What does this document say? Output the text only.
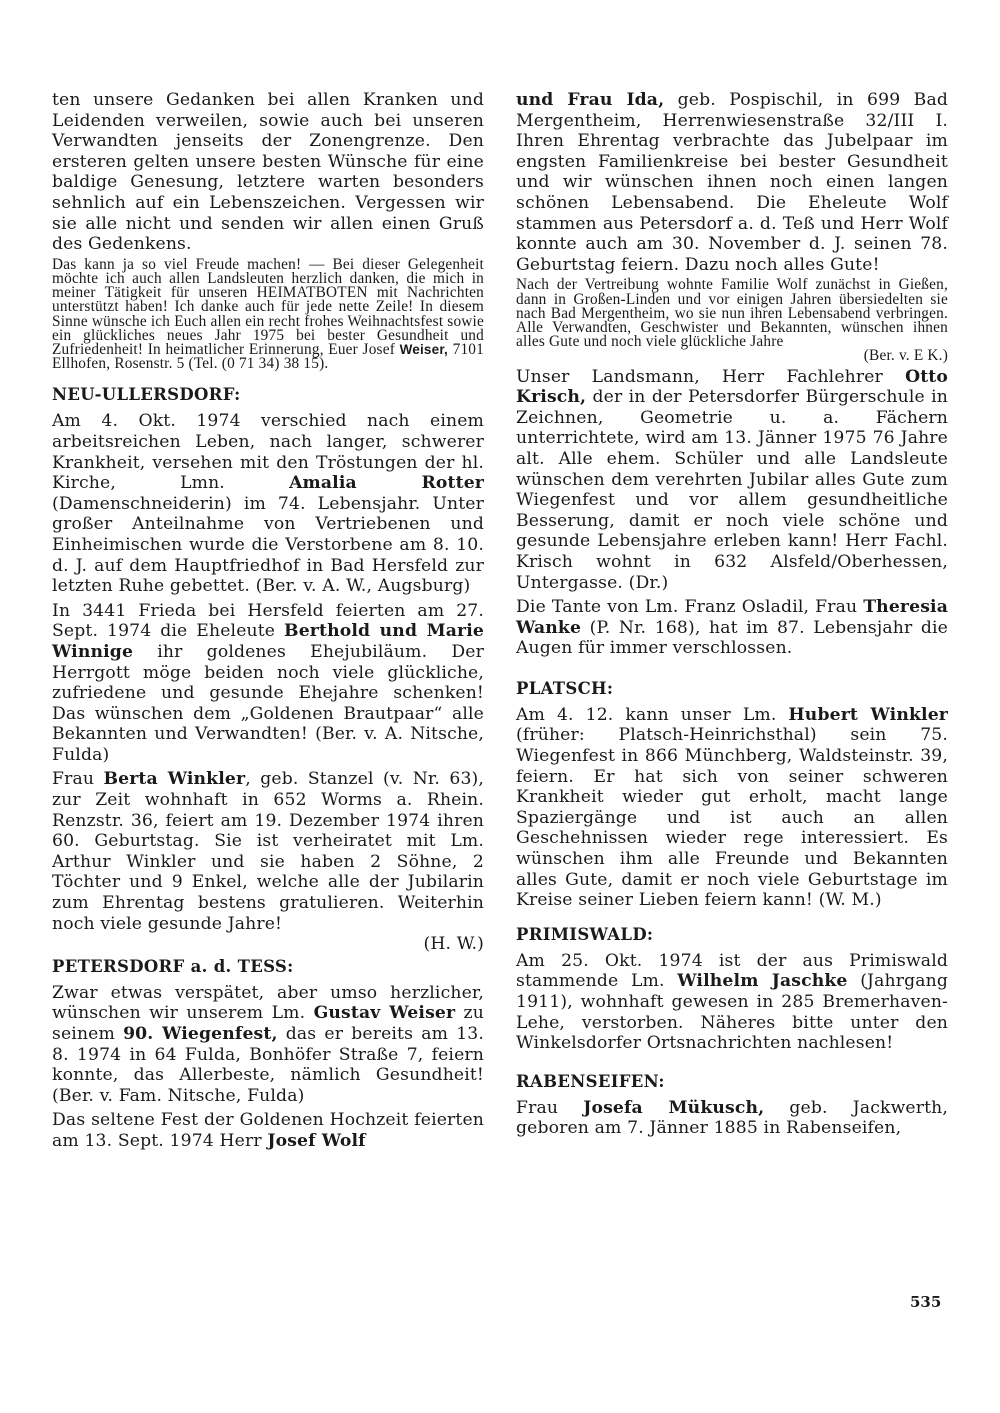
ten unsere Gedanken bei allen Kranken und Leidenden verweilen, sowie auch bei unseren Verwandten jenseits der Zonengrenze. Den ersteren gelten unsere besten Wünsche für eine baldige Genesung, letztere warten besonders sehnlich auf ein Lebenszeichen. Vergessen wir sie alle nicht und senden wir allen einen Gruß des Gedenkens.

Das kann ja so viel Freude machen! — Bei dieser Gelegenheit möchte ich auch allen Landsleuten herzlich danken, die mich in meiner Tätigkeit für unseren HEIMATBOTEN mit Nachrichten unterstützt haben! Ich danke auch für jede nette Zeile! In diesem Sinne wünsche ich Euch allen ein recht frohes Weihnachtsfest sowie ein glückliches neues Jahr 1975 bei bester Gesundheit und Zufriedenheit! In heimatlicher Erinnerung, Euer Josef Weiser, 7101 Ellhofen, Rosenstr. 5 (Tel. (0 71 34) 38 15).

NEU-ULLERSDORF:

Am 4. Okt. 1974 verschied nach einem arbeitsreichen Leben, nach langer, schwerer Krankheit, versehen mit den Tröstungen der hl. Kirche, Lmn. Amalia Rotter (Damenschneiderin) im 74. Lebensjahr. Unter großer Anteilnahme von Vertriebenen und Einheimischen wurde die Verstorbene am 8. 10. d. J. auf dem Hauptfriedhof in Bad Hersfeld zur letzten Ruhe gebettet. (Ber. v. A. W., Augsburg)

In 3441 Frieda bei Hersfeld feierten am 27. Sept. 1974 die Eheleute Berthold und Marie Winnige ihr goldenes Ehejubiläum. Der Herrgott möge beiden noch viele glückliche, zufriedene und gesunde Ehejahre schenken! Das wünschen dem „Goldenen Brautpaar“ alle Bekannten und Verwandten! (Ber. v. A. Nitsche, Fulda)

Frau Berta Winkler, geb. Stanzel (v. Nr. 63), zur Zeit wohnhaft in 652 Worms a. Rhein. Renzstr. 36, feiert am 19. Dezember 1974 ihren 60. Geburtstag. Sie ist verheiratet mit Lm. Arthur Winkler und sie haben 2 Söhne, 2 Töchter und 9 Enkel, welche alle der Jubilarin zum Ehrentag bestens gratulieren. Weiterhin noch viele gesunde Jahre!

(H. W.)
PETERSDORF a. d. TESS:

Zwar etwas verspätet, aber umso herzlicher, wünschen wir unserem Lm. Gustav Weiser zu seinem 90. Wiegenfest, das er bereits am 13. 8. 1974 in 64 Fulda, Bonhöfer Straße 7, feiern konnte, das Allerbeste, nämlich Gesundheit! (Ber. v. Fam. Nitsche, Fulda)

Das seltene Fest der Goldenen Hochzeit feierten am 13. Sept. 1974 Herr Josef Wolf

und Frau Ida, geb. Pospischil, in 699 Bad Mergentheim, Herrenwiesenstraße 32/III I. Ihren Ehrentag verbrachte das Jubelpaar im engsten Familienkreise bei bester Gesundheit und wir wünschen ihnen noch einen langen schönen Lebensabend. Die Eheleute Wolf stammen aus Petersdorf a. d. Teß und Herr Wolf konnte auch am 30. November d. J. seinen 78. Geburtstag feiern. Dazu noch alles Gute!

Nach der Vertreibung wohnte Familie Wolf zunächst in Gießen, dann in Großen-Linden und vor einigen Jahren übersiedelten sie nach Bad Mergentheim, wo sie nun ihren Lebensabend verbringen. Alle Verwandten, Geschwister und Bekannten, wünschen ihnen alles Gute und noch viele glückliche Jahre

(Ber. v. E K.)

Unser Landsmann, Herr Fachlehrer Otto Krisch, der in der Petersdorfer Bürgerschule in Zeichnen, Geometrie u. a. Fächern unterrichtete, wird am 13. Jänner 1975 76 Jahre alt. Alle ehem. Schüler und alle Landsleute wünschen dem verehrten Jubilar alles Gute zum Wiegenfest und vor allem gesundheitliche Besserung, damit er noch viele schöne und gesunde Lebensjahre erleben kann! Herr Fachl. Krisch wohnt in 632 Alsfeld/Oberhessen, Untergasse. (Dr.)

Die Tante von Lm. Franz Osladil, Frau Theresia Wanke (P. Nr. 168), hat im 87. Lebensjahr die Augen für immer verschlossen.

PLATSCH:

Am 4. 12. kann unser Lm. Hubert Winkler (früher: Platsch-Heinrichsthal) sein 75. Wiegenfest in 866 Münchberg, Waldsteinstr. 39, feiern. Er hat sich von seiner schweren Krankheit wieder gut erholt, macht lange Spaziergänge und ist auch an allen Geschehnissen wieder rege interessiert. Es wünschen ihm alle Freunde und Bekannten alles Gute, damit er noch viele Geburtstage im Kreise seiner Lieben feiern kann! (W. M.)

PRIMISWALD:

Am 25. Okt. 1974 ist der aus Primiswald stammende Lm. Wilhelm Jaschke (Jahrgang 1911), wohnhaft gewesen in 285 Bremerhaven-Lehe, verstorben. Näheres bitte unter den Winkelsdorfer Ortsnachrichten nachlesen!

RABENSEIFEN:

Frau Josefa Mükusch, geb. Jackwerth, geboren am 7. Jänner 1885 in Rabenseifen,

535
